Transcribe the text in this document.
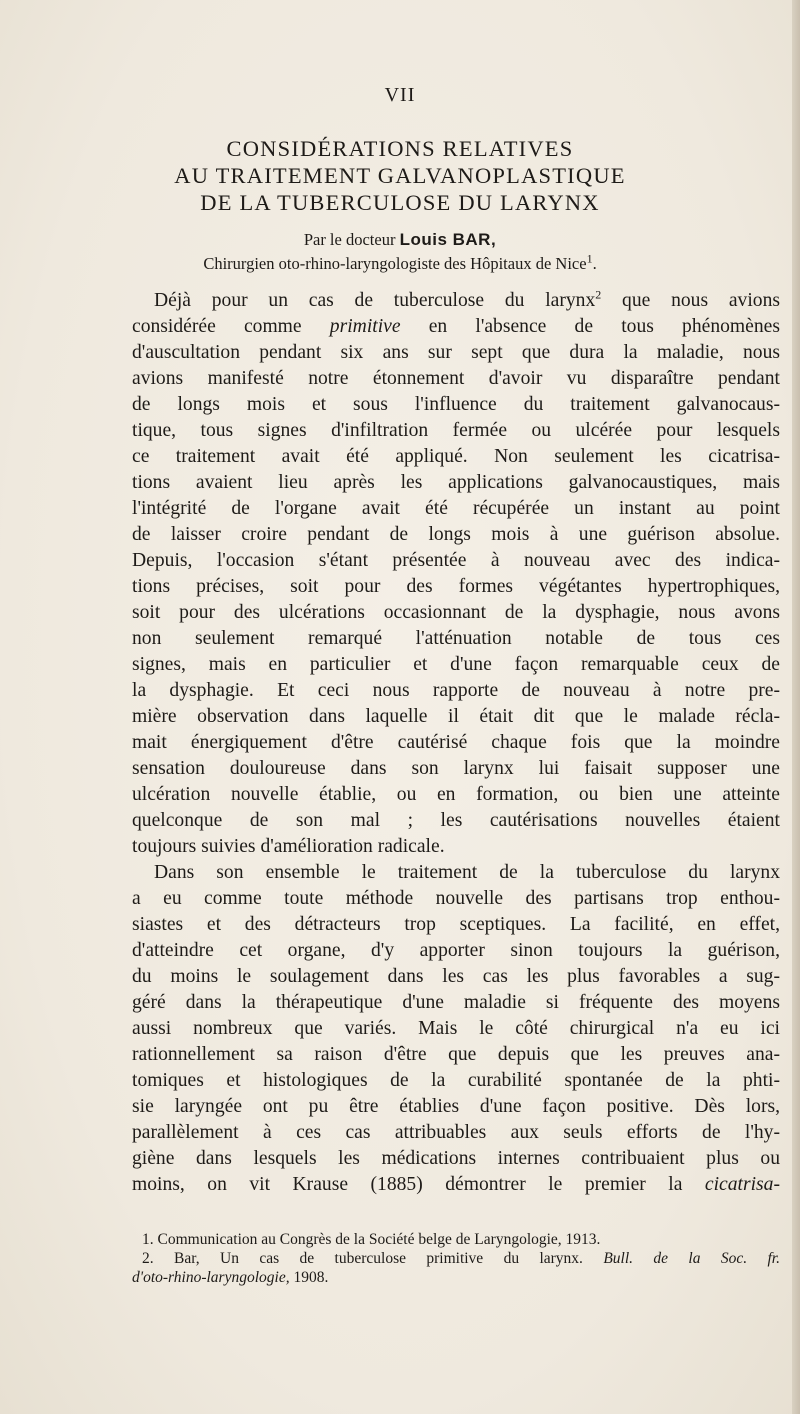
VII
CONSIDÉRATIONS RELATIVES
AU TRAITEMENT GALVANOPLASTIQUE
DE LA TUBERCULOSE DU LARYNX
Par le docteur Louis BAR,
Chirurgien oto-rhino-laryngologiste des Hôpitaux de Nice$^1$.
Déjà pour un cas de tuberculose du larynx$^2$ que nous avions
considérée comme primitive en l'absence de tous phénomènes
d'auscultation pendant six ans sur sept que dura la maladie, nous
avions manifesté notre étonnement d'avoir vu disparaître pendant
de longs mois et sous l'influence du traitement galvanocaus-
tique, tous signes d'infiltration fermée ou ulcérée pour lesquels
ce traitement avait été appliqué. Non seulement les cicatrisa-
tions avaient lieu après les applications galvanocaustiques, mais
l'intégrité de l'organe avait été récupérée un instant au point
de laisser croire pendant de longs mois à une guérison absolue.
Depuis, l'occasion s'étant présentée à nouveau avec des indica-
tions précises, soit pour des formes végétantes hypertrophiques,
soit pour des ulcérations occasionnant de la dysphagie, nous avons
non seulement remarqué l'atténuation notable de tous ces
signes, mais en particulier et d'une façon remarquable ceux de
la dysphagie. Et ceci nous rapporte de nouveau à notre pre-
mière observation dans laquelle il était dit que le malade récla-
mait énergiquement d'être cautérisé chaque fois que la moindre
sensation douloureuse dans son larynx lui faisait supposer une
ulcération nouvelle établie, ou en formation, ou bien une atteinte
quelconque de son mal ; les cautérisations nouvelles étaient
toujours suivies d'amélioration radicale.
Dans son ensemble le traitement de la tuberculose du larynx
a eu comme toute méthode nouvelle des partisans trop enthou-
siastes et des détracteurs trop sceptiques. La facilité, en effet,
d'atteindre cet organe, d'y apporter sinon toujours la guérison,
du moins le soulagement dans les cas les plus favorables a sug-
géré dans la thérapeutique d'une maladie si fréquente des moyens
aussi nombreux que variés. Mais le côté chirurgical n'a eu ici
rationnellement sa raison d'être que depuis que les preuves ana-
tomiques et histologiques de la curabilité spontanée de la phti-
sie laryngée ont pu être établies d'une façon positive. Dès lors,
parallèlement à ces cas attribuables aux seuls efforts de l'hy-
giène dans lesquels les médications internes contribuaient plus ou
moins, on vit Krause (1885) démontrer le premier la cicatrisa-
1. Communication au Congrès de la Société belge de Laryngologie, 1913.
2. Bar, Un cas de tuberculose primitive du larynx. Bull. de la Soc. fr.
d'oto-rhino-laryngologie, 1908.
